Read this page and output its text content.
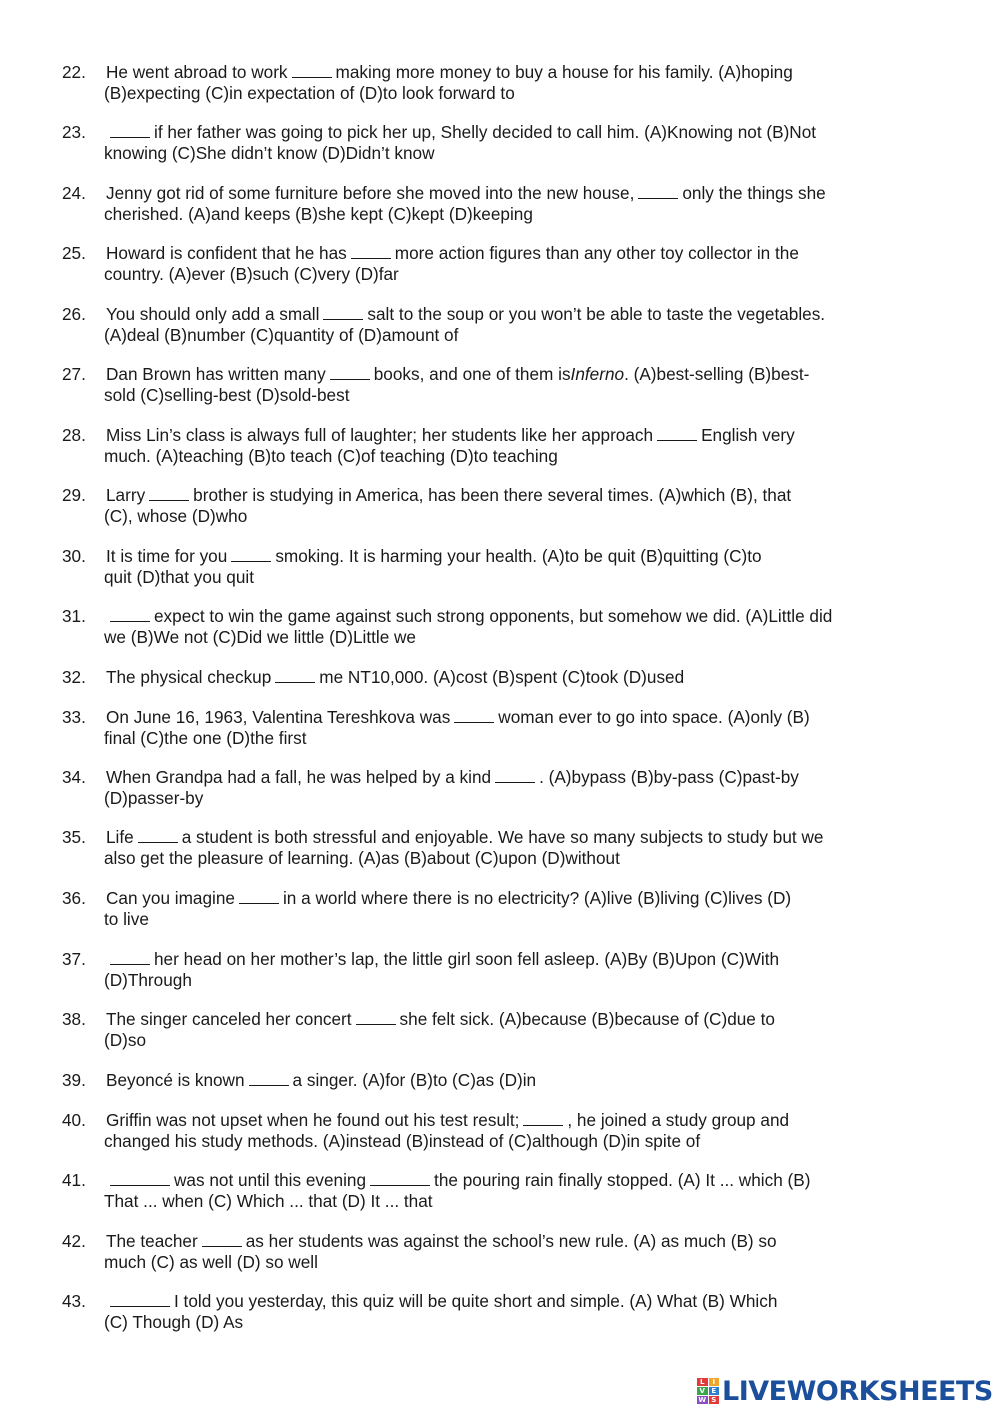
22.	He went abroad to work	making more money to buy a house for his family. (A)hoping
(B)expecting (C)in expectation of (D)to look forward to
23.	if her father was going to pick her up, Shelly decided to call him. (A)Knowing not (B)Not
knowing (C)She didn’t know (D)Didn’t know
24.	Jenny got rid of some furniture before she moved into the new house,	only the things she
cherished. (A)and keeps (B)she kept (C)kept (D)keeping
25.	Howard is confident that he has	more action figures than any other toy collector in the
country. (A)ever (B)such (C)very (D)far
26.	You should only add a small	salt to the soup or you won’t be able to taste the vegetables.
(A)deal (B)number (C)quantity of (D)amount of
27.	Dan Brown has written many	books, and one of them isInferno. (A)best-selling (B)best-
sold (C)selling-best (D)sold-best
28.	Miss Lin’s class is always full of laughter; her students like her approach	English very
much. (A)teaching (B)to teach (C)of teaching (D)to teaching
29.	Larry	brother is studying in America, has been there several times. (A)which (B), that
(C), whose (D)who
30.	It is time for you	smoking. It is harming your health. (A)to be quit (B)quitting (C)to
quit (D)that you quit
31.	expect to win the game against such strong opponents, but somehow we did. (A)Little did
we (B)We not (C)Did we little (D)Little we
32.	The physical checkup	me NT10,000. (A)cost (B)spent (C)took (D)used
33.	On June 16, 1963, Valentina Tereshkova was	woman ever to go into space. (A)only (B)
final (C)the one (D)the first
34.	When Grandpa had a fall, he was helped by a kind	. (A)bypass (B)by-pass (C)past-by
(D)passer-by
35.	Life	a student is both stressful and enjoyable. We have so many subjects to study but we
also get the pleasure of learning. (A)as (B)about (C)upon (D)without
36.	Can you imagine	in a world where there is no electricity? (A)live (B)living (C)lives (D)
to live
37.	her head on her mother’s lap, the little girl soon fell asleep. (A)By (B)Upon (C)With
(D)Through
38.	The singer canceled her concert	she felt sick. (A)because (B)because of (C)due to
(D)so
39.	Beyoncé is known	a singer. (A)for (B)to (C)as (D)in
40.	Griffin was not upset when he found out his test result;	, he joined a study group and
changed his study methods. (A)instead (B)instead of (C)although (D)in spite of
41.	was not until this evening	the pouring rain finally stopped. (A) It ... which (B)
That ... when (C) Which ... that (D) It ... that
42.	The teacher	as her students was against the school’s new rule. (A) as much (B) so
much (C) as well (D) so well
43.	I told you yesterday, this quiz will be quite short and simple. (A) What (B) Which
(C) Though (D) As
L	I
V E
W S LIVEWORKSHEETS
